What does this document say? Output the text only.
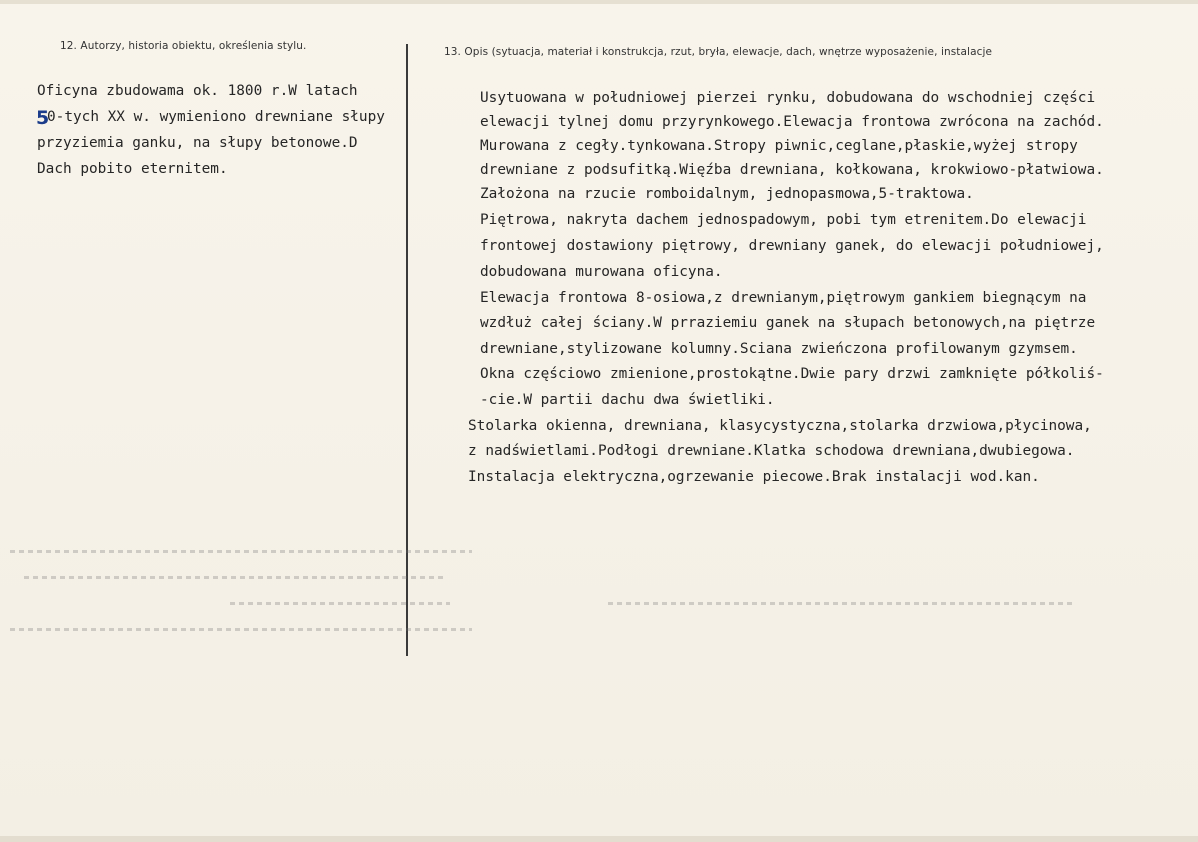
12. Autorzy, historia obiektu, określenia stylu.	13. Opis (sytuacja, materiał i konstrukcja, rzut, bryła, elewacje, dach, wnętrze wyposażenie, instalacje
5
Oficyna zbudowama ok. 1800 r.W latach
0-tych XX w. wymieniono drewniane słupy
przyziemia ganku, na słupy betonowe.D
Dach pobito eternitem.
Usytuowana w południowej pierzei rynku, dobudowana do wschodniej części
elewacji tylnej domu przyrynkowego.Elewacja frontowa zwrócona na zachód.
Murowana z cegły.tynkowana.Stropy piwnic,ceglane,płaskie,wyżej stropy
drewniane z podsufitką.Więźba drewniana, kołkowana, krokwiowo-płatwiowa.
Założona na rzucie romboidalnym, jednopasmowa,5-traktowa.
Piętrowa, nakryta dachem jednospadowym, pobi tym etrenitem.Do elewacji
frontowej dostawiony piętrowy, drewniany ganek, do elewacji południowej,
dobudowana murowana oficyna.
Elewacja frontowa 8-osiowa,z drewnianym,piętrowym gankiem biegnącym na
wzdłuż całej ściany.W prraziemiu ganek na słupach betonowych,na piętrze
drewniane,stylizowane kolumny.Sciana zwieńczona profilowanym gzymsem.
Okna częściowo zmienione,prostokątne.Dwie pary drzwi zamknięte półkoliś-
-cie.W partii dachu dwa świetliki.
Stolarka okienna, drewniana, klasycystyczna,stolarka drzwiowa,płycinowa,
z nadświetlami.Podłogi drewniane.Klatka schodowa drewniana,dwubiegowa.
Instalacja elektryczna,ogrzewanie piecowe.Brak instalacji wod.kan.
